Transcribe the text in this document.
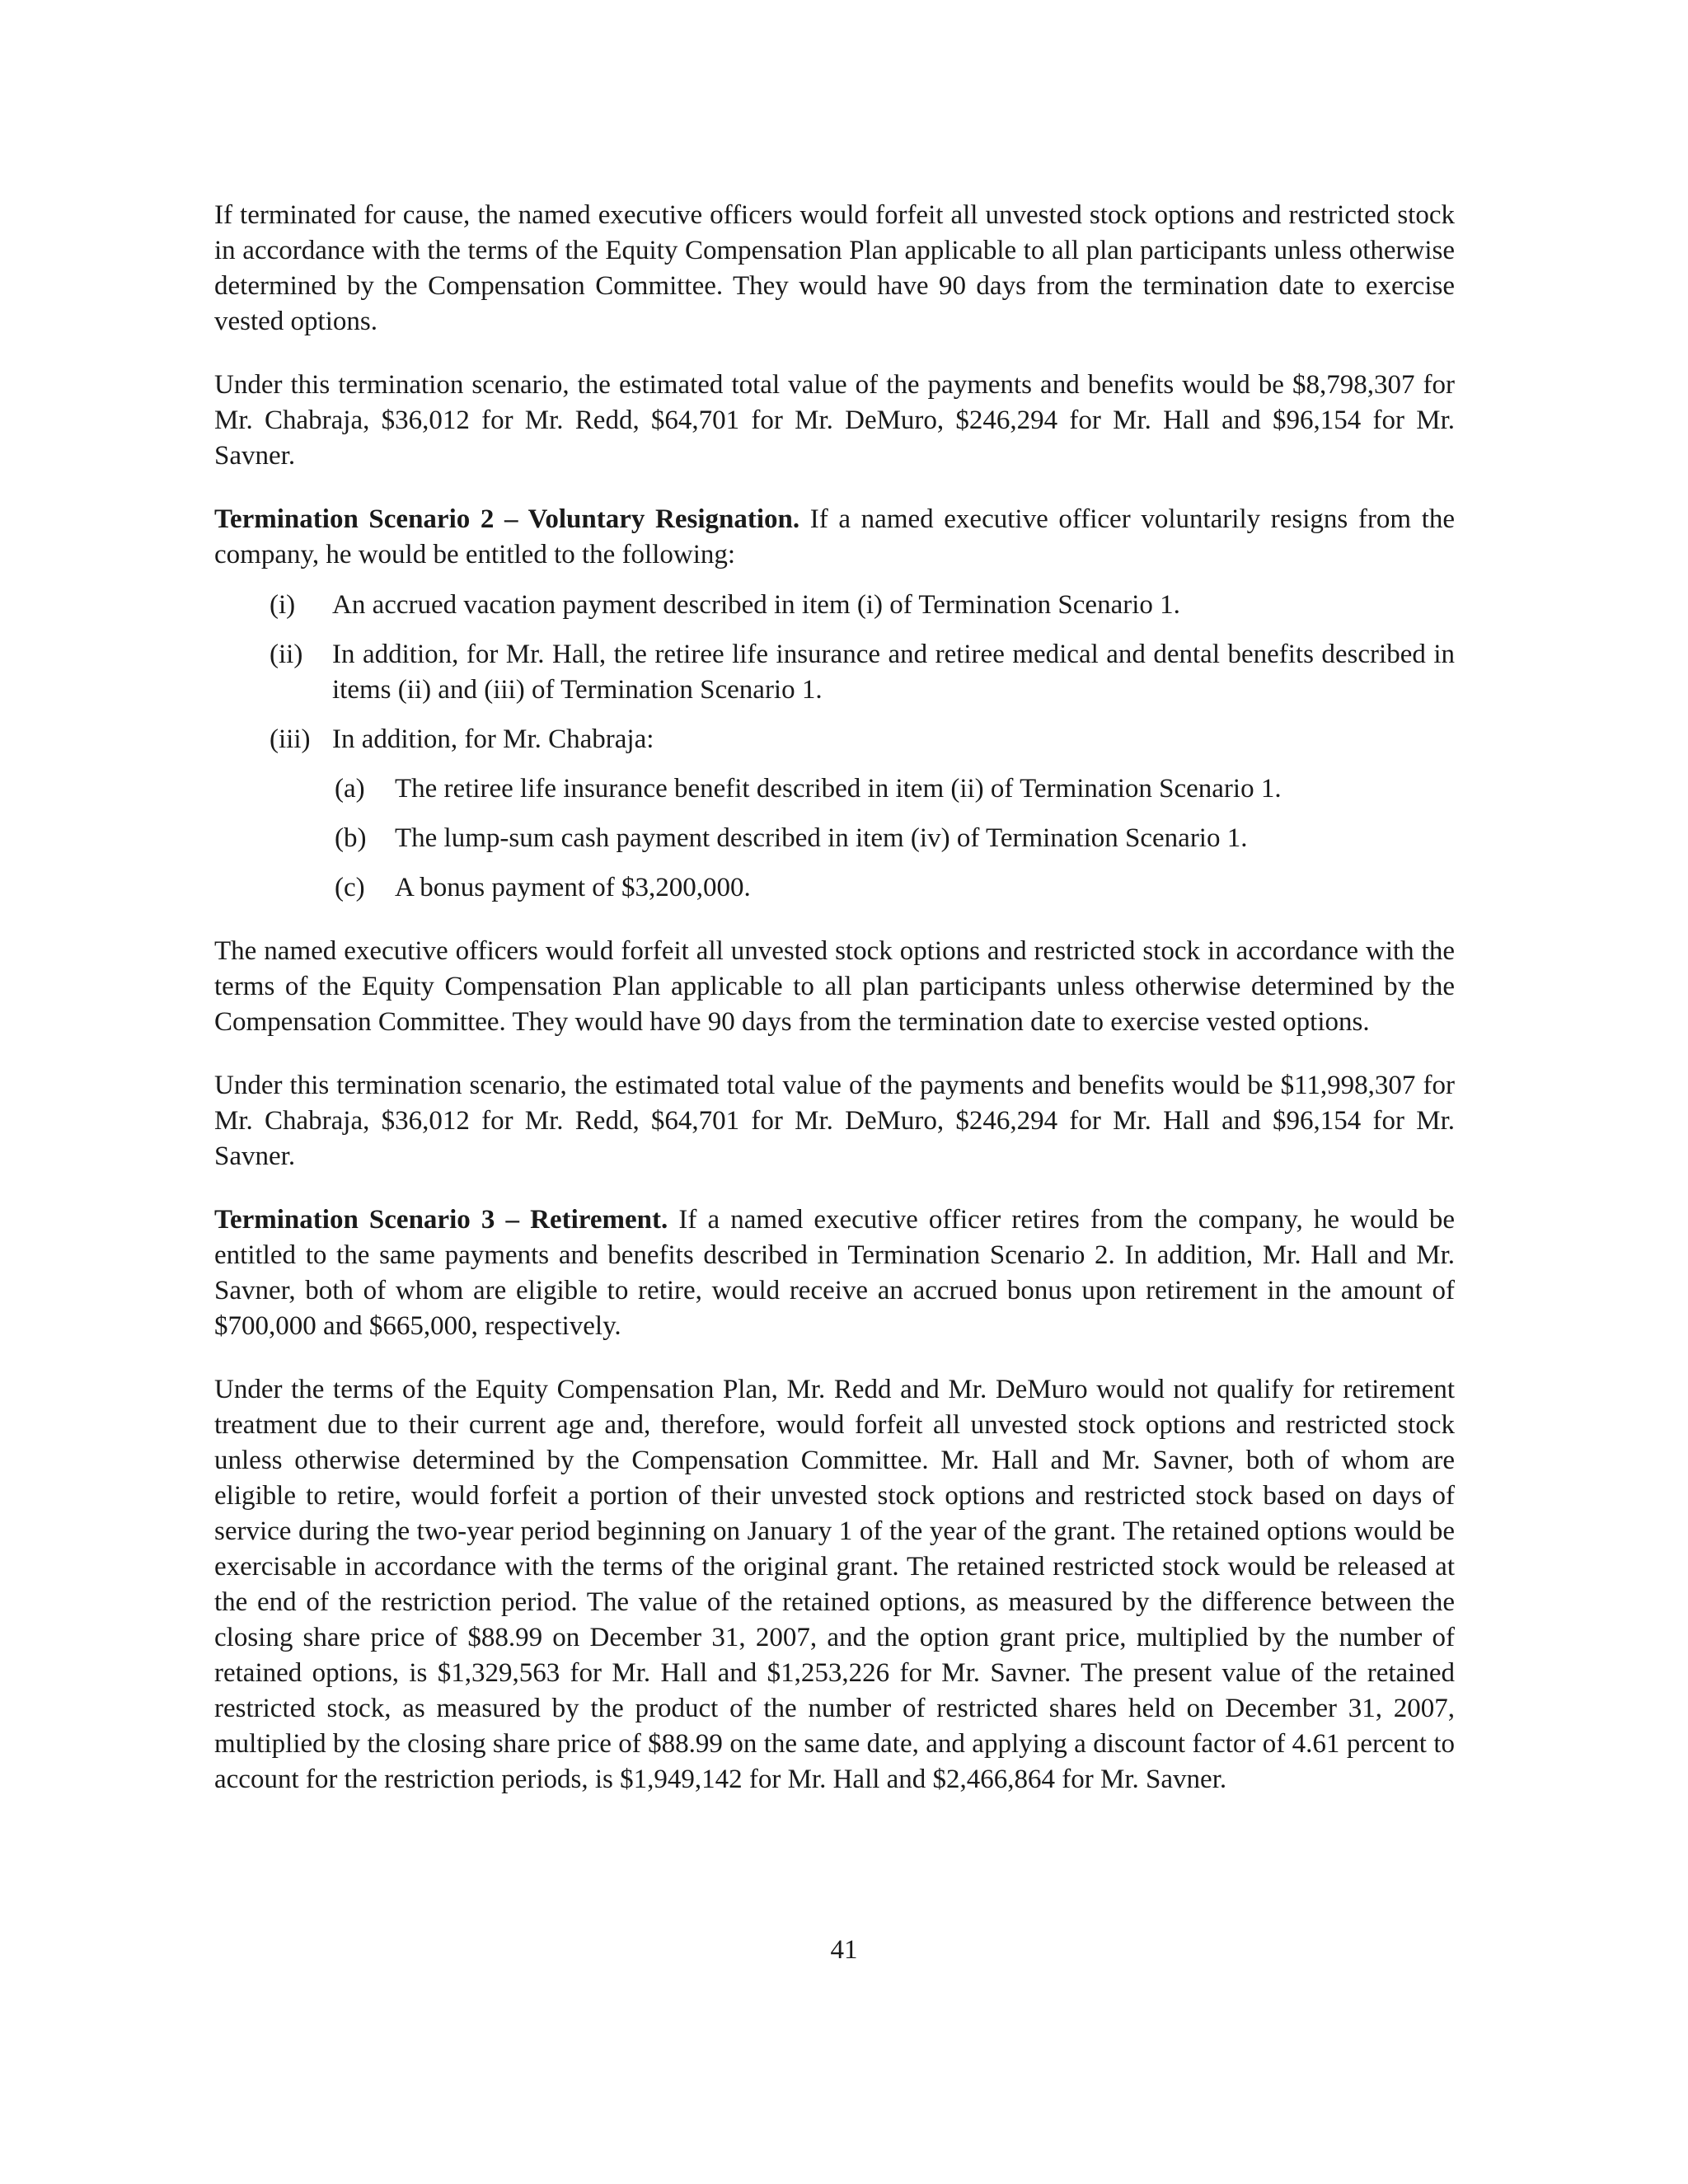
If terminated for cause, the named executive officers would forfeit all unvested stock options and restricted stock in accordance with the terms of the Equity Compensation Plan applicable to all plan participants unless otherwise determined by the Compensation Committee. They would have 90 days from the termination date to exercise vested options.

Under this termination scenario, the estimated total value of the payments and benefits would be $8,798,307 for Mr. Chabraja, $36,012 for Mr. Redd, $64,701 for Mr. DeMuro, $246,294 for Mr. Hall and $96,154 for Mr. Savner.

Termination Scenario 2 – Voluntary Resignation. If a named executive officer voluntarily resigns from the company, he would be entitled to the following:

(i)	An accrued vacation payment described in item (i) of Termination Scenario 1.
(ii)	In addition, for Mr. Hall, the retiree life insurance and retiree medical and dental benefits described in items (ii) and (iii) of Termination Scenario 1.
(iii) In addition, for Mr. Chabraja:
(a)	The retiree life insurance benefit described in item (ii) of Termination Scenario 1.
(b)	The lump-sum cash payment described in item (iv) of Termination Scenario 1.
(c)	A bonus payment of $3,200,000.

The named executive officers would forfeit all unvested stock options and restricted stock in accordance with the terms of the Equity Compensation Plan applicable to all plan participants unless otherwise determined by the Compensation Committee. They would have 90 days from the termination date to exercise vested options.

Under this termination scenario, the estimated total value of the payments and benefits would be $11,998,307 for Mr. Chabraja, $36,012 for Mr. Redd, $64,701 for Mr. DeMuro, $246,294 for Mr. Hall and $96,154 for Mr. Savner.

Termination Scenario 3 – Retirement. If a named executive officer retires from the company, he would be entitled to the same payments and benefits described in Termination Scenario 2. In addition, Mr. Hall and Mr. Savner, both of whom are eligible to retire, would receive an accrued bonus upon retirement in the amount of $700,000 and $665,000, respectively.

Under the terms of the Equity Compensation Plan, Mr. Redd and Mr. DeMuro would not qualify for retirement treatment due to their current age and, therefore, would forfeit all unvested stock options and restricted stock unless otherwise determined by the Compensation Committee. Mr. Hall and Mr. Savner, both of whom are eligible to retire, would forfeit a portion of their unvested stock options and restricted stock based on days of service during the two-year period beginning on January 1 of the year of the grant. The retained options would be exercisable in accordance with the terms of the original grant. The retained restricted stock would be released at the end of the restriction period. The value of the retained options, as measured by the difference between the closing share price of $88.99 on December 31, 2007, and the option grant price, multiplied by the number of retained options, is $1,329,563 for Mr. Hall and $1,253,226 for Mr. Savner. The present value of the retained restricted stock, as measured by the product of the number of restricted shares held on December 31, 2007, multiplied by the closing share price of $88.99 on the same date, and applying a discount factor of 4.61 percent to account for the restriction periods, is $1,949,142 for Mr. Hall and $2,466,864 for Mr. Savner.

41
